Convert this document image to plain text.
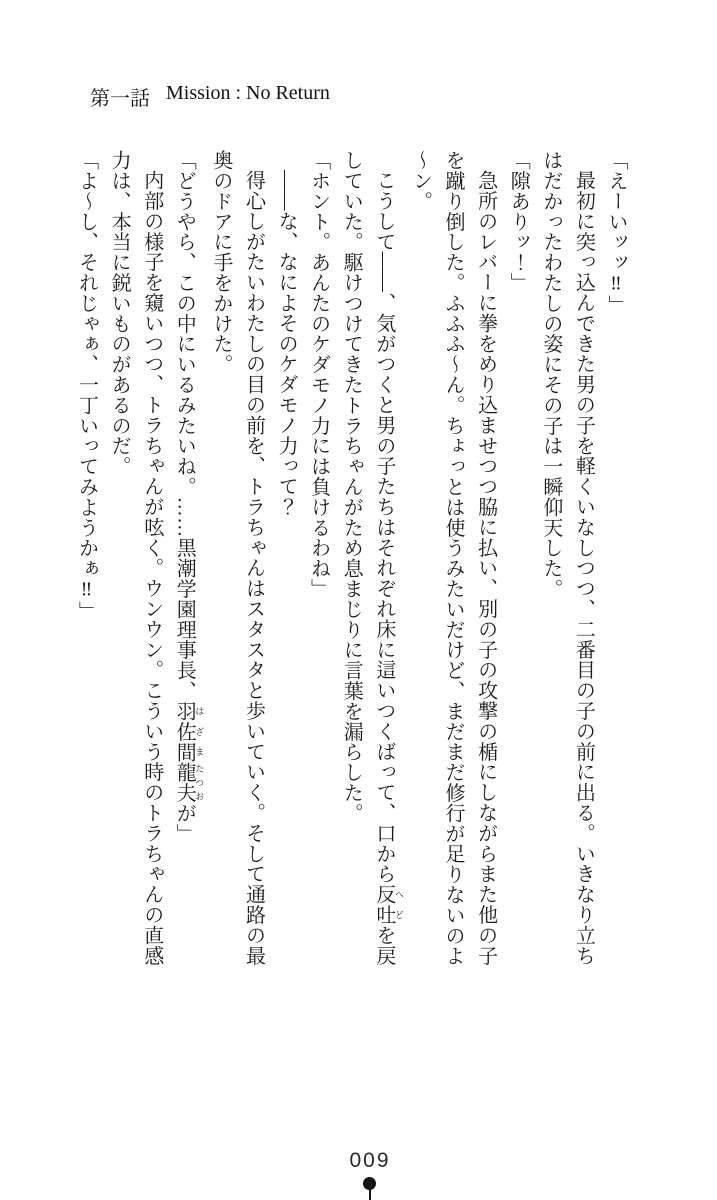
第一話 Mission : No Return

「えーいッッ‼」

最初に突っ込んできた男の子を軽くいなしつつ、二番目の子の前に出る。いきなり立ちはだかったわたしの姿にその子は一瞬仰天した。

「隙ありッ！」

急所のレバーに拳をめり込ませつつ脇に払い、別の子の攻撃の楯にしながらまた他の子を蹴り倒した。ふふふ～ん。ちょっとは使うみたいだけど、まだまだ修行が足りないのよ～ン。

こうして――、気がつくと男の子たちはそれぞれ床に這いつくばって、口から反吐 へどを戻していた。駆けつけてきたトラちゃんがため息まじりに言葉を漏らした。

「ホント。あんたのケダモノ力には負けるわね」

――な、なによそのケダモノ力って？

得心しがたいわたしの目の前を、トラちゃんはスタスタと歩いていく。そして通路の最奥のドアに手をかけた。

「どうやら、この中にいるみたいね。……黒潮学園理事長、羽佐間 はざま龍夫 たつおが」

内部の様子を窺いつつ、トラちゃんが呟く。ウンウン。こういう時のトラちゃんの直感力は、本当に鋭いものがあるのだ。

「よ～し、それじゃぁ、一丁いってみようかぁ‼」

009
